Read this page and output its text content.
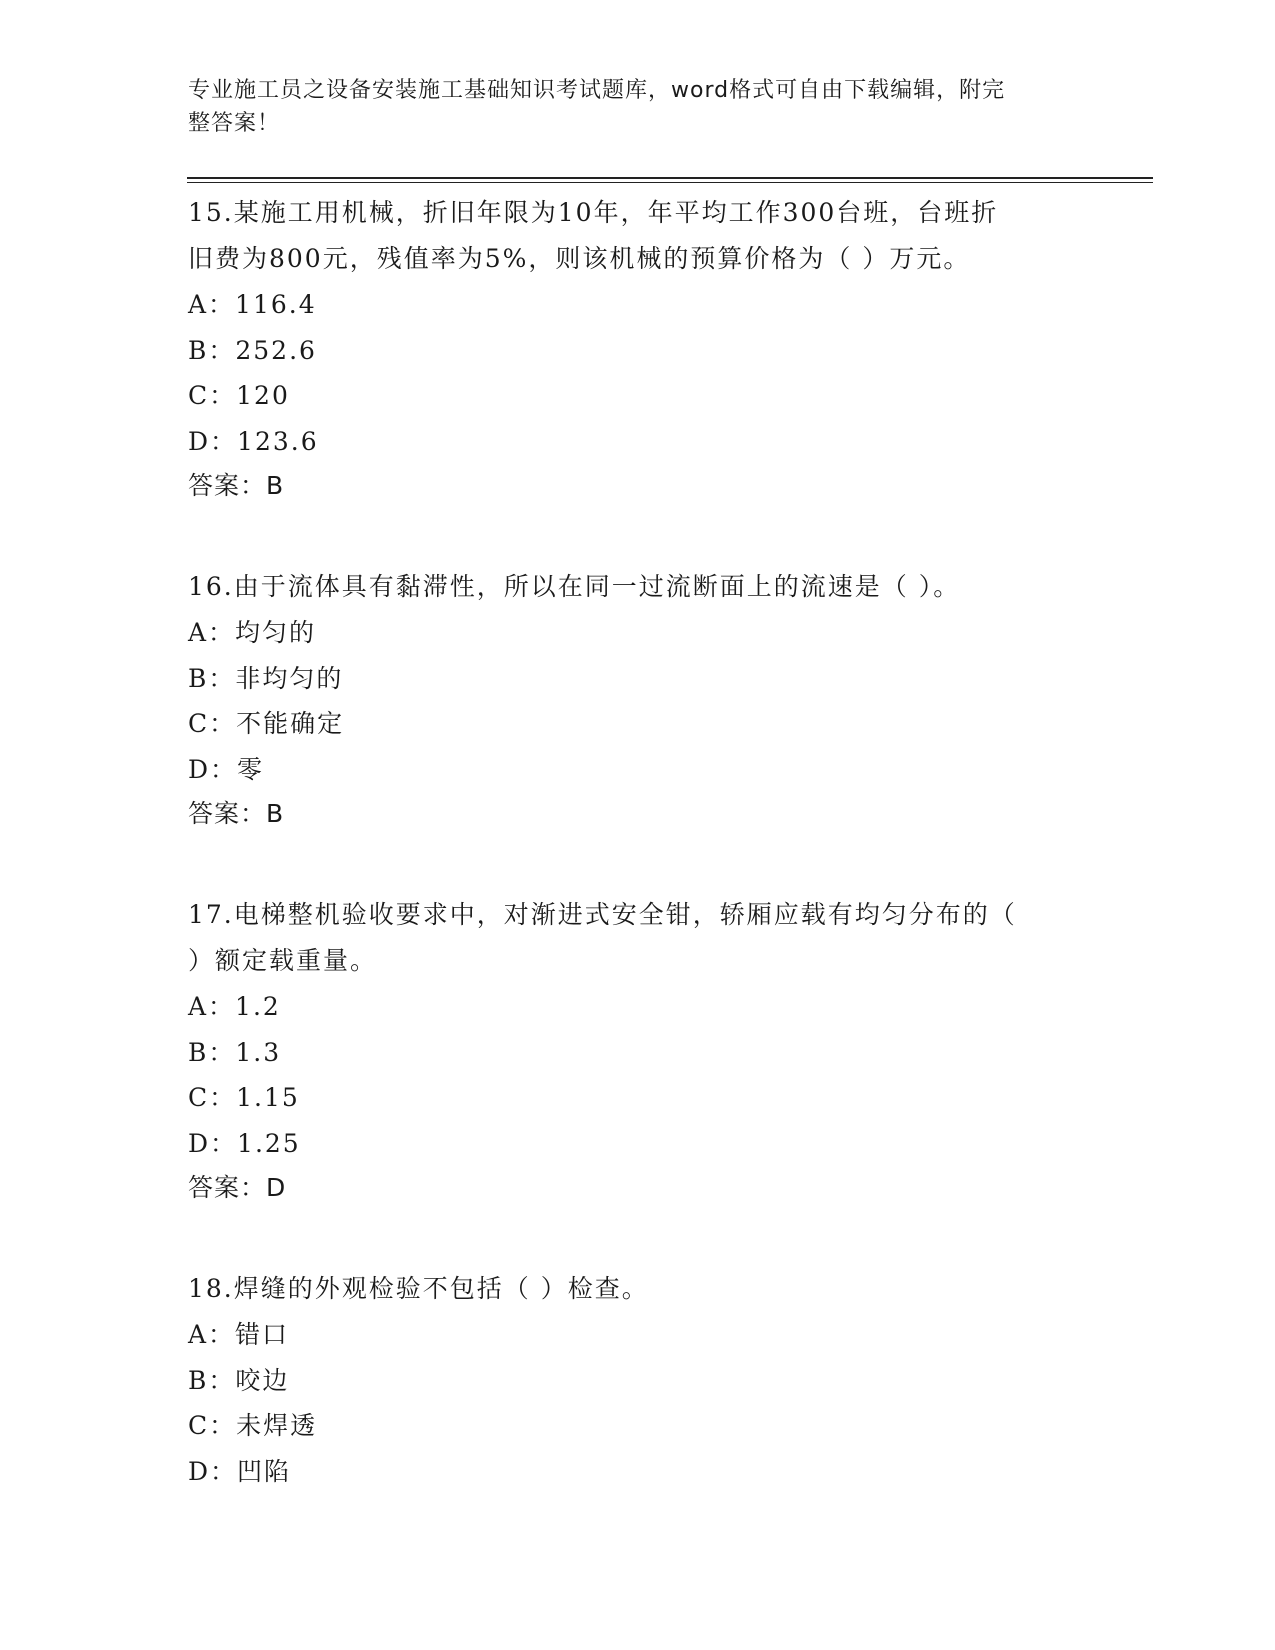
专业施工员之设备安装施工基础知识考试题库，word格式可自由下载编辑，附完
整答案！
15.某施工用机械，折旧年限为10年，年平均工作300台班，台班折
旧费为800元，残值率为5%，则该机械的预算价格为（ ）万元。
A：116.4
B：252.6
C：120
D：123.6
答案：B
16.由于流体具有黏滞性，所以在同一过流断面上的流速是（ ）。
A：均匀的
B：非均匀的
C：不能确定
D：零
答案：B
17.电梯整机验收要求中，对渐进式安全钳，轿厢应载有均匀分布的（
）额定载重量。
A：1.2
B：1.3
C：1.15
D：1.25
答案：D
18.焊缝的外观检验不包括（ ）检查。
A：错口
B：咬边
C：未焊透
D：凹陷
